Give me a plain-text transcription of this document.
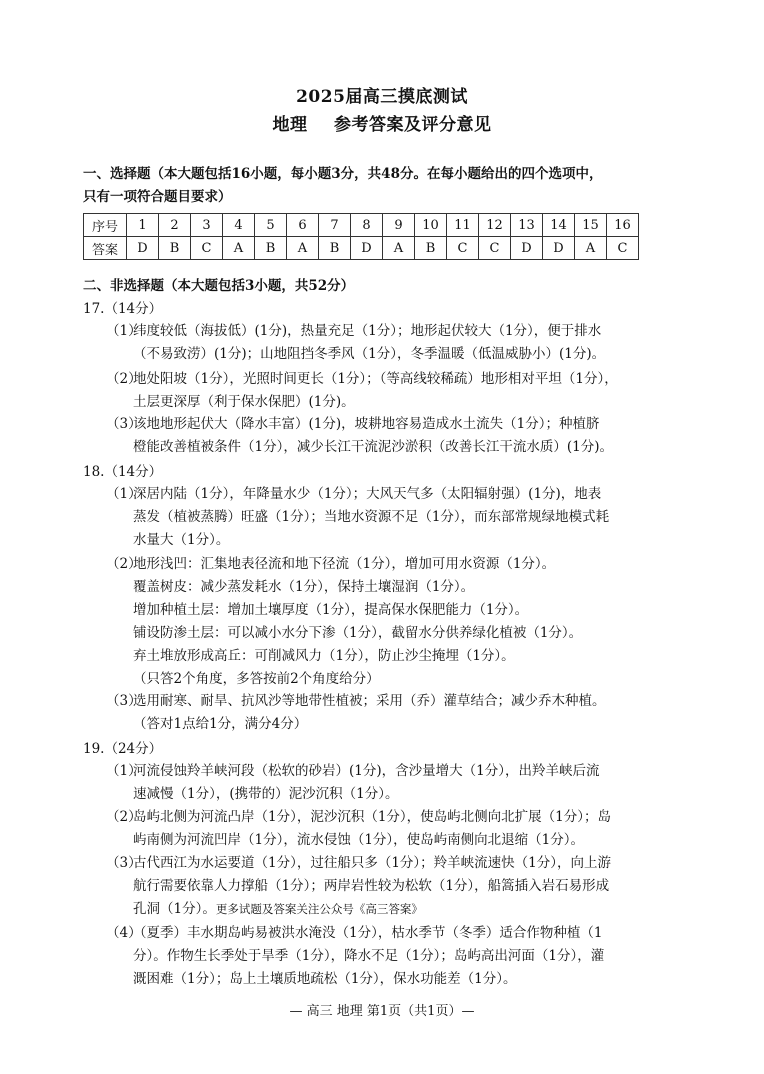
2025届高三摸底测试
地理 参考答案及评分意见
一、选择题（本大题包括16小题，每小题3分，共48分。在每小题给出的四个选项中，
只有一项符合题目要求）
序号	1	2	3	4	5	6	7	8	9	10	11	12	13	14	15	16
答案	D	B	C	A	B	A	B	D	A	B	C	C	D	D	A	C
二、非选择题（本大题包括3小题，共52分）
17.（14分）
（1）
纬度较低（海拔低）(1分)，热量充足（1分）；地形起伏较大（1分），便于排水
（不易致涝）(1分)；山地阻挡冬季风（1分），冬季温暖（低温威胁小）(1分)。
（2）
地处阳坡（1分），光照时间更长（1分）；（等高线较稀疏）地形相对平坦（1分），
土层更深厚（利于保水保肥）(1分)。
（3）
该地地形起伏大（降水丰富）(1分)，坡耕地容易造成水土流失（1分）；种植脐
橙能改善植被条件（1分），减少长江干流泥沙淤积（改善长江干流水质）(1分)。
18.（14分）
（1）
深居内陆（1分），年降量水少（1分）；大风天气多（太阳辐射强）(1分)，地表
蒸发（植被蒸腾）旺盛（1分）；当地水资源不足（1分），而东部常规绿地模式耗
水量大（1分）。
（2）
地形浅凹：汇集地表径流和地下径流（1分），增加可用水资源（1分）。
覆盖树皮：减少蒸发耗水（1分），保持土壤湿润（1分）。
增加种植土层：增加土壤厚度（1分），提高保水保肥能力（1分）。
铺设防渗土层：可以减小水分下渗（1分），截留水分供养绿化植被（1分）。
弃土堆放形成高丘：可削减风力（1分），防止沙尘掩埋（1分）。
（只答2个角度，多答按前2个角度给分）
（3）
选用耐寒、耐旱、抗风沙等地带性植被；采用（乔）灌草结合；减少乔木种植。
（答对1点给1分，满分4分）
19.（24分）
（1）
河流侵蚀羚羊峡河段（松软的砂岩）(1分)，含沙量增大（1分），出羚羊峡后流
速减慢（1分），(携带的）泥沙沉积（1分）。
（2）
岛屿北侧为河流凸岸（1分），泥沙沉积（1分），使岛屿北侧向北扩展（1分）；岛
屿南侧为河流凹岸（1分），流水侵蚀（1分），使岛屿南侧向北退缩（1分）。
（3）
古代西江为水运要道（1分），过往船只多（1分）；羚羊峡流速快（1分），向上游
航行需要依靠人力撑船（1分）；两岸岩性较为松软（1分），船篙插入岩石易形成
孔洞（1分）。更多试题及答案关注公众号《高三答案》
（4）
（夏季）丰水期岛屿易被洪水淹没（1分），枯水季节（冬季）适合作物种植（1
分）。作物生长季处于旱季（1分），降水不足（1分）；岛屿高出河面（1分），灌
溉困难（1分）；岛上土壤质地疏松（1分），保水功能差（1分）。
— 高三 地理 第1页（共1页）—
